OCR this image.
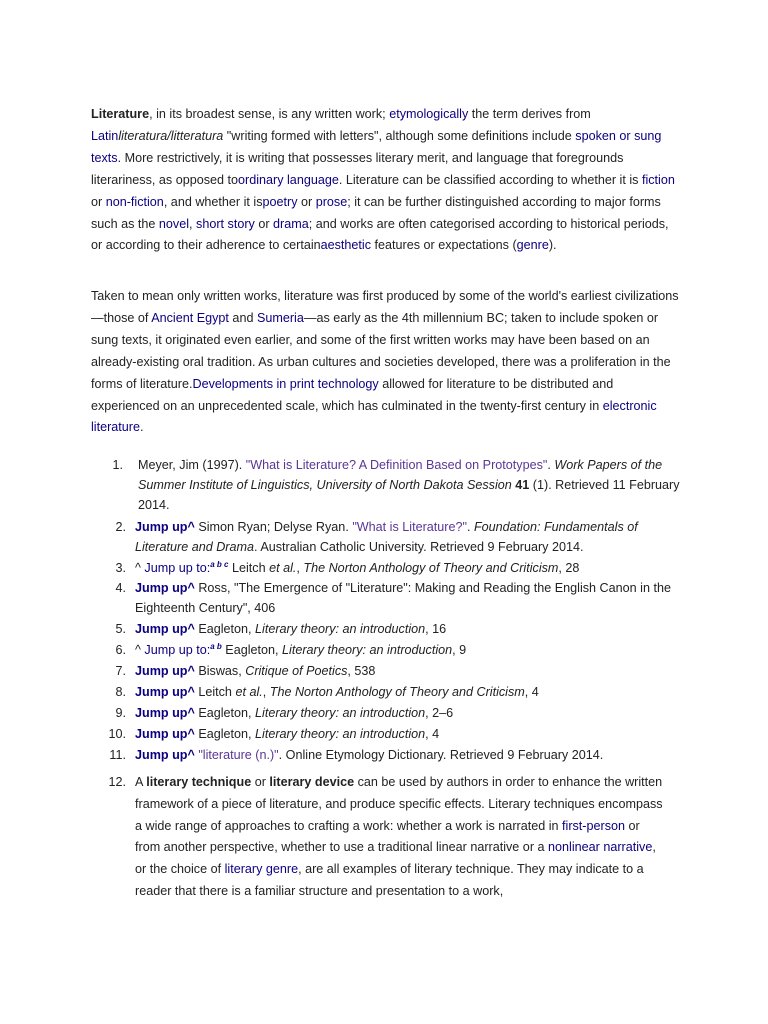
Literature, in its broadest sense, is any written work; etymologically the term derives from Latinliteratura/litteratura "writing formed with letters", although some definitions include spoken or sung texts. More restrictively, it is writing that possesses literary merit, and language that foregrounds literariness, as opposed toordinary language. Literature can be classified according to whether it is fiction or non-fiction, and whether it ispoetry or prose; it can be further distinguished according to major forms such as the novel, short story or drama; and works are often categorised according to historical periods, or according to their adherence to certainaesthetic features or expectations (genre).

Taken to mean only written works, literature was first produced by some of the world's earliest civilizations—those of Ancient Egypt and Sumeria—as early as the 4th millennium BC; taken to include spoken or sung texts, it originated even earlier, and some of the first written works may have been based on an already-existing oral tradition. As urban cultures and societies developed, there was a proliferation in the forms of literature.Developments in print technology allowed for literature to be distributed and experienced on an unprecedented scale, which has culminated in the twenty-first century in electronic literature.

1. Meyer, Jim (1997). "What is Literature? A Definition Based on Prototypes". Work Papers of the Summer Institute of Linguistics, University of North Dakota Session 41 (1). Retrieved 11 February 2014.
2. Jump up^ Simon Ryan; Delyse Ryan. "What is Literature?". Foundation: Fundamentals of Literature and Drama. Australian Catholic University. Retrieved 9 February 2014.
3. ^ Jump up to:$^{a b c}$ Leitch et al., The Norton Anthology of Theory and Criticism, 28
4. Jump up^ Ross, "The Emergence of "Literature": Making and Reading the English Canon in the Eighteenth Century", 406
5. Jump up^ Eagleton, Literary theory: an introduction, 16
6. ^ Jump up to:$^{a b}$ Eagleton, Literary theory: an introduction, 9
7. Jump up^ Biswas, Critique of Poetics, 538
8. Jump up^ Leitch et al., The Norton Anthology of Theory and Criticism, 4
9. Jump up^ Eagleton, Literary theory: an introduction, 2–6
10. Jump up^ Eagleton, Literary theory: an introduction, 4
11. Jump up^ "literature (n.)". Online Etymology Dictionary. Retrieved 9 February 2014.
12. A literary technique or literary device can be used by authors in order to enhance the written framework of a piece of literature, and produce specific effects. Literary techniques encompass a wide range of approaches to crafting a work: whether a work is narrated in first-person or from another perspective, whether to use a traditional linear narrative or a nonlinear narrative, or the choice of literary genre, are all examples of literary technique. They may indicate to a reader that there is a familiar structure and presentation to a work,
